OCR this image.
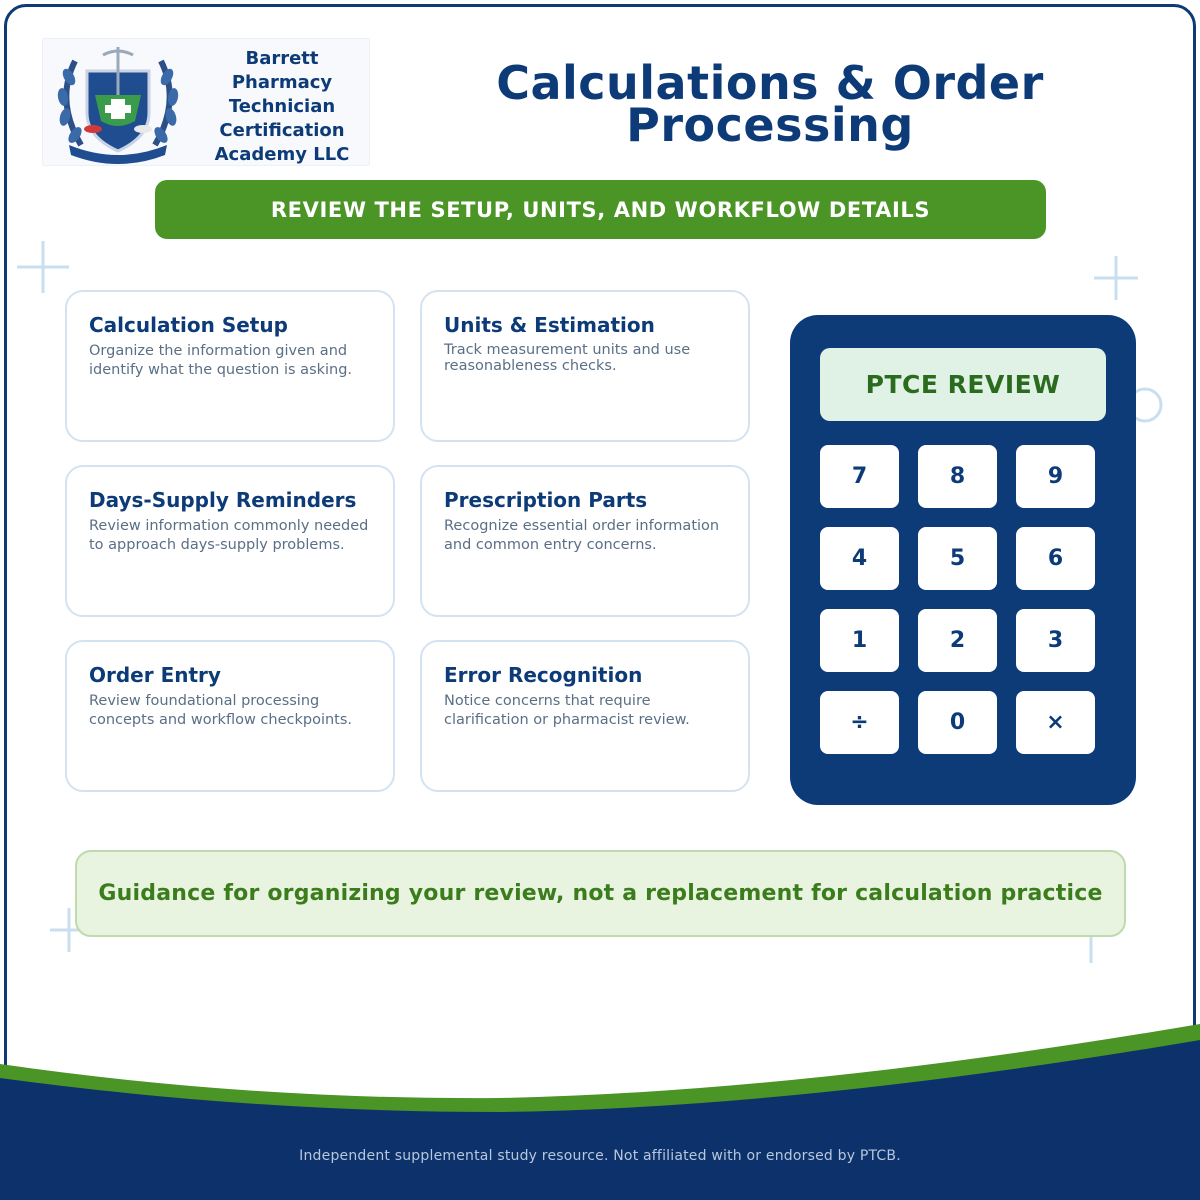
Barrett
Pharmacy
Technician
Certification
Academy LLC
Calculations & Order
Processing
REVIEW THE SETUP, UNITS, AND WORKFLOW DETAILS
Calculation Setup
Organize the information given and identify what the question is asking.
Units & Estimation
Track measurement units and use reasonableness checks.
Days-Supply Reminders
Review information commonly needed to approach days-supply problems.
Prescription Parts
Recognize essential order information and common entry concerns.
Order Entry
Review foundational processing concepts and workflow checkpoints.
Error Recognition
Notice concerns that require clarification or pharmacist review.
PTCE REVIEW
7	8	9
4	5	6
1	2	3
÷	0	×
Guidance for organizing your review, not a replacement for calculation practice
Independent supplemental study resource. Not affiliated with or endorsed by PTCB.
